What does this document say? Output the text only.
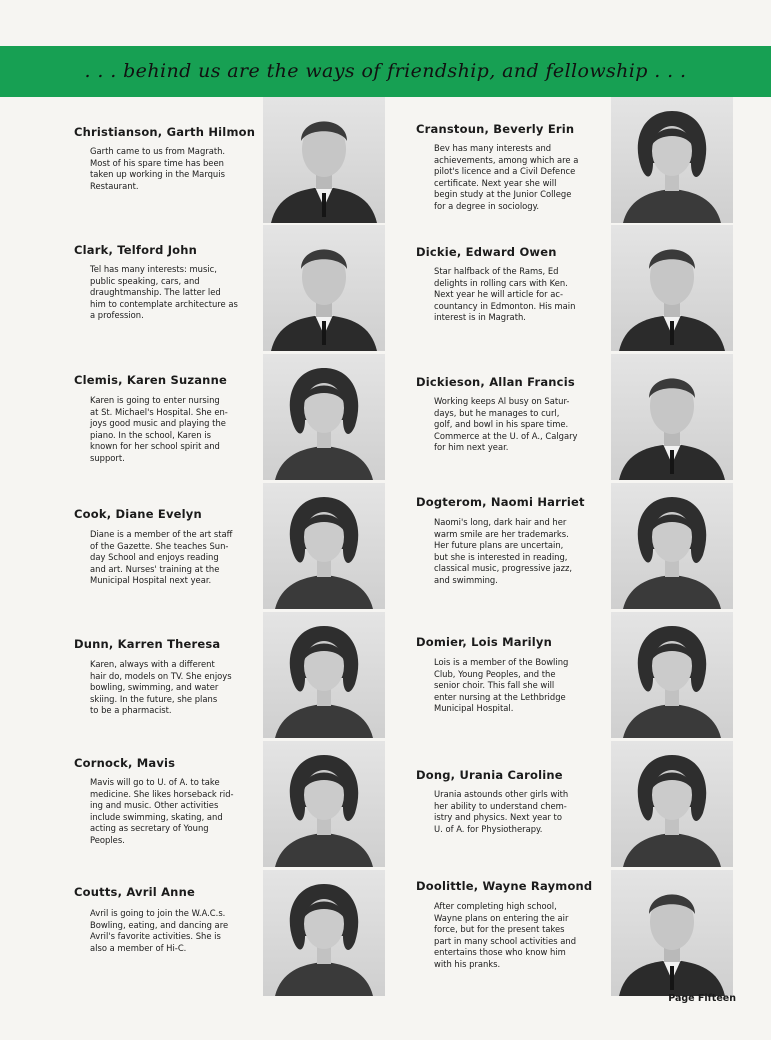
. . . behind us are the ways of friendship, and fellowship . . .
Christianson, Garth Hilmon
Garth came to us from Magrath.
Most of his spare time has been
taken up working in the Marquis
Restaurant.
Clark, Telford John
Tel has many interests: music,
public speaking, cars, and
draughtmanship. The latter led
him to contemplate architecture as
a profession.
Clemis, Karen Suzanne
Karen is going to enter nursing
at St. Michael's Hospital. She en-
joys good music and playing the
piano. In the school, Karen is
known for her school spirit and
support.
Cook, Diane Evelyn
Diane is a member of the art staff
of the Gazette. She teaches Sun-
day School and enjoys reading
and art. Nurses' training at the
Municipal Hospital next year.
Dunn, Karren Theresa
Karen, always with a different
hair do, models on TV. She enjoys
bowling, swimming, and water
skiing. In the future, she plans
to be a pharmacist.
Cornock, Mavis
Mavis will go to U. of A. to take
medicine. She likes horseback rid-
ing and music. Other activities
include swimming, skating, and
acting as secretary of Young
Peoples.
Coutts, Avril Anne
Avril is going to join the W.A.C.s.
Bowling, eating, and dancing are
Avril's favorite activities. She is
also a member of Hi-C.
Cranstoun, Beverly Erin
Bev has many interests and
achievements, among which are a
pilot's licence and a Civil Defence
certificate. Next year she will
begin study at the Junior College
for a degree in sociology.
Dickie, Edward Owen
Star halfback of the Rams, Ed
delights in rolling cars with Ken.
Next year he will article for ac-
countancy in Edmonton. His main
interest is in Magrath.
Dickieson, Allan Francis
Working keeps Al busy on Satur-
days, but he manages to curl,
golf, and bowl in his spare time.
Commerce at the U. of A., Calgary
for him next year.
Dogterom, Naomi Harriet
Naomi's long, dark hair and her
warm smile are her trademarks.
Her future plans are uncertain,
but she is interested in reading,
classical music, progressive jazz,
and swimming.
Domier, Lois Marilyn
Lois is a member of the Bowling
Club, Young Peoples, and the
senior choir. This fall she will
enter nursing at the Lethbridge
Municipal Hospital.
Dong, Urania Caroline
Urania astounds other girls with
her ability to understand chem-
istry and physics. Next year to
U. of A. for Physiotherapy.
Doolittle, Wayne Raymond
After completing high school,
Wayne plans on entering the air
force, but for the present takes
part in many school activities and
entertains those who know him
with his pranks.
Page Fifteen
